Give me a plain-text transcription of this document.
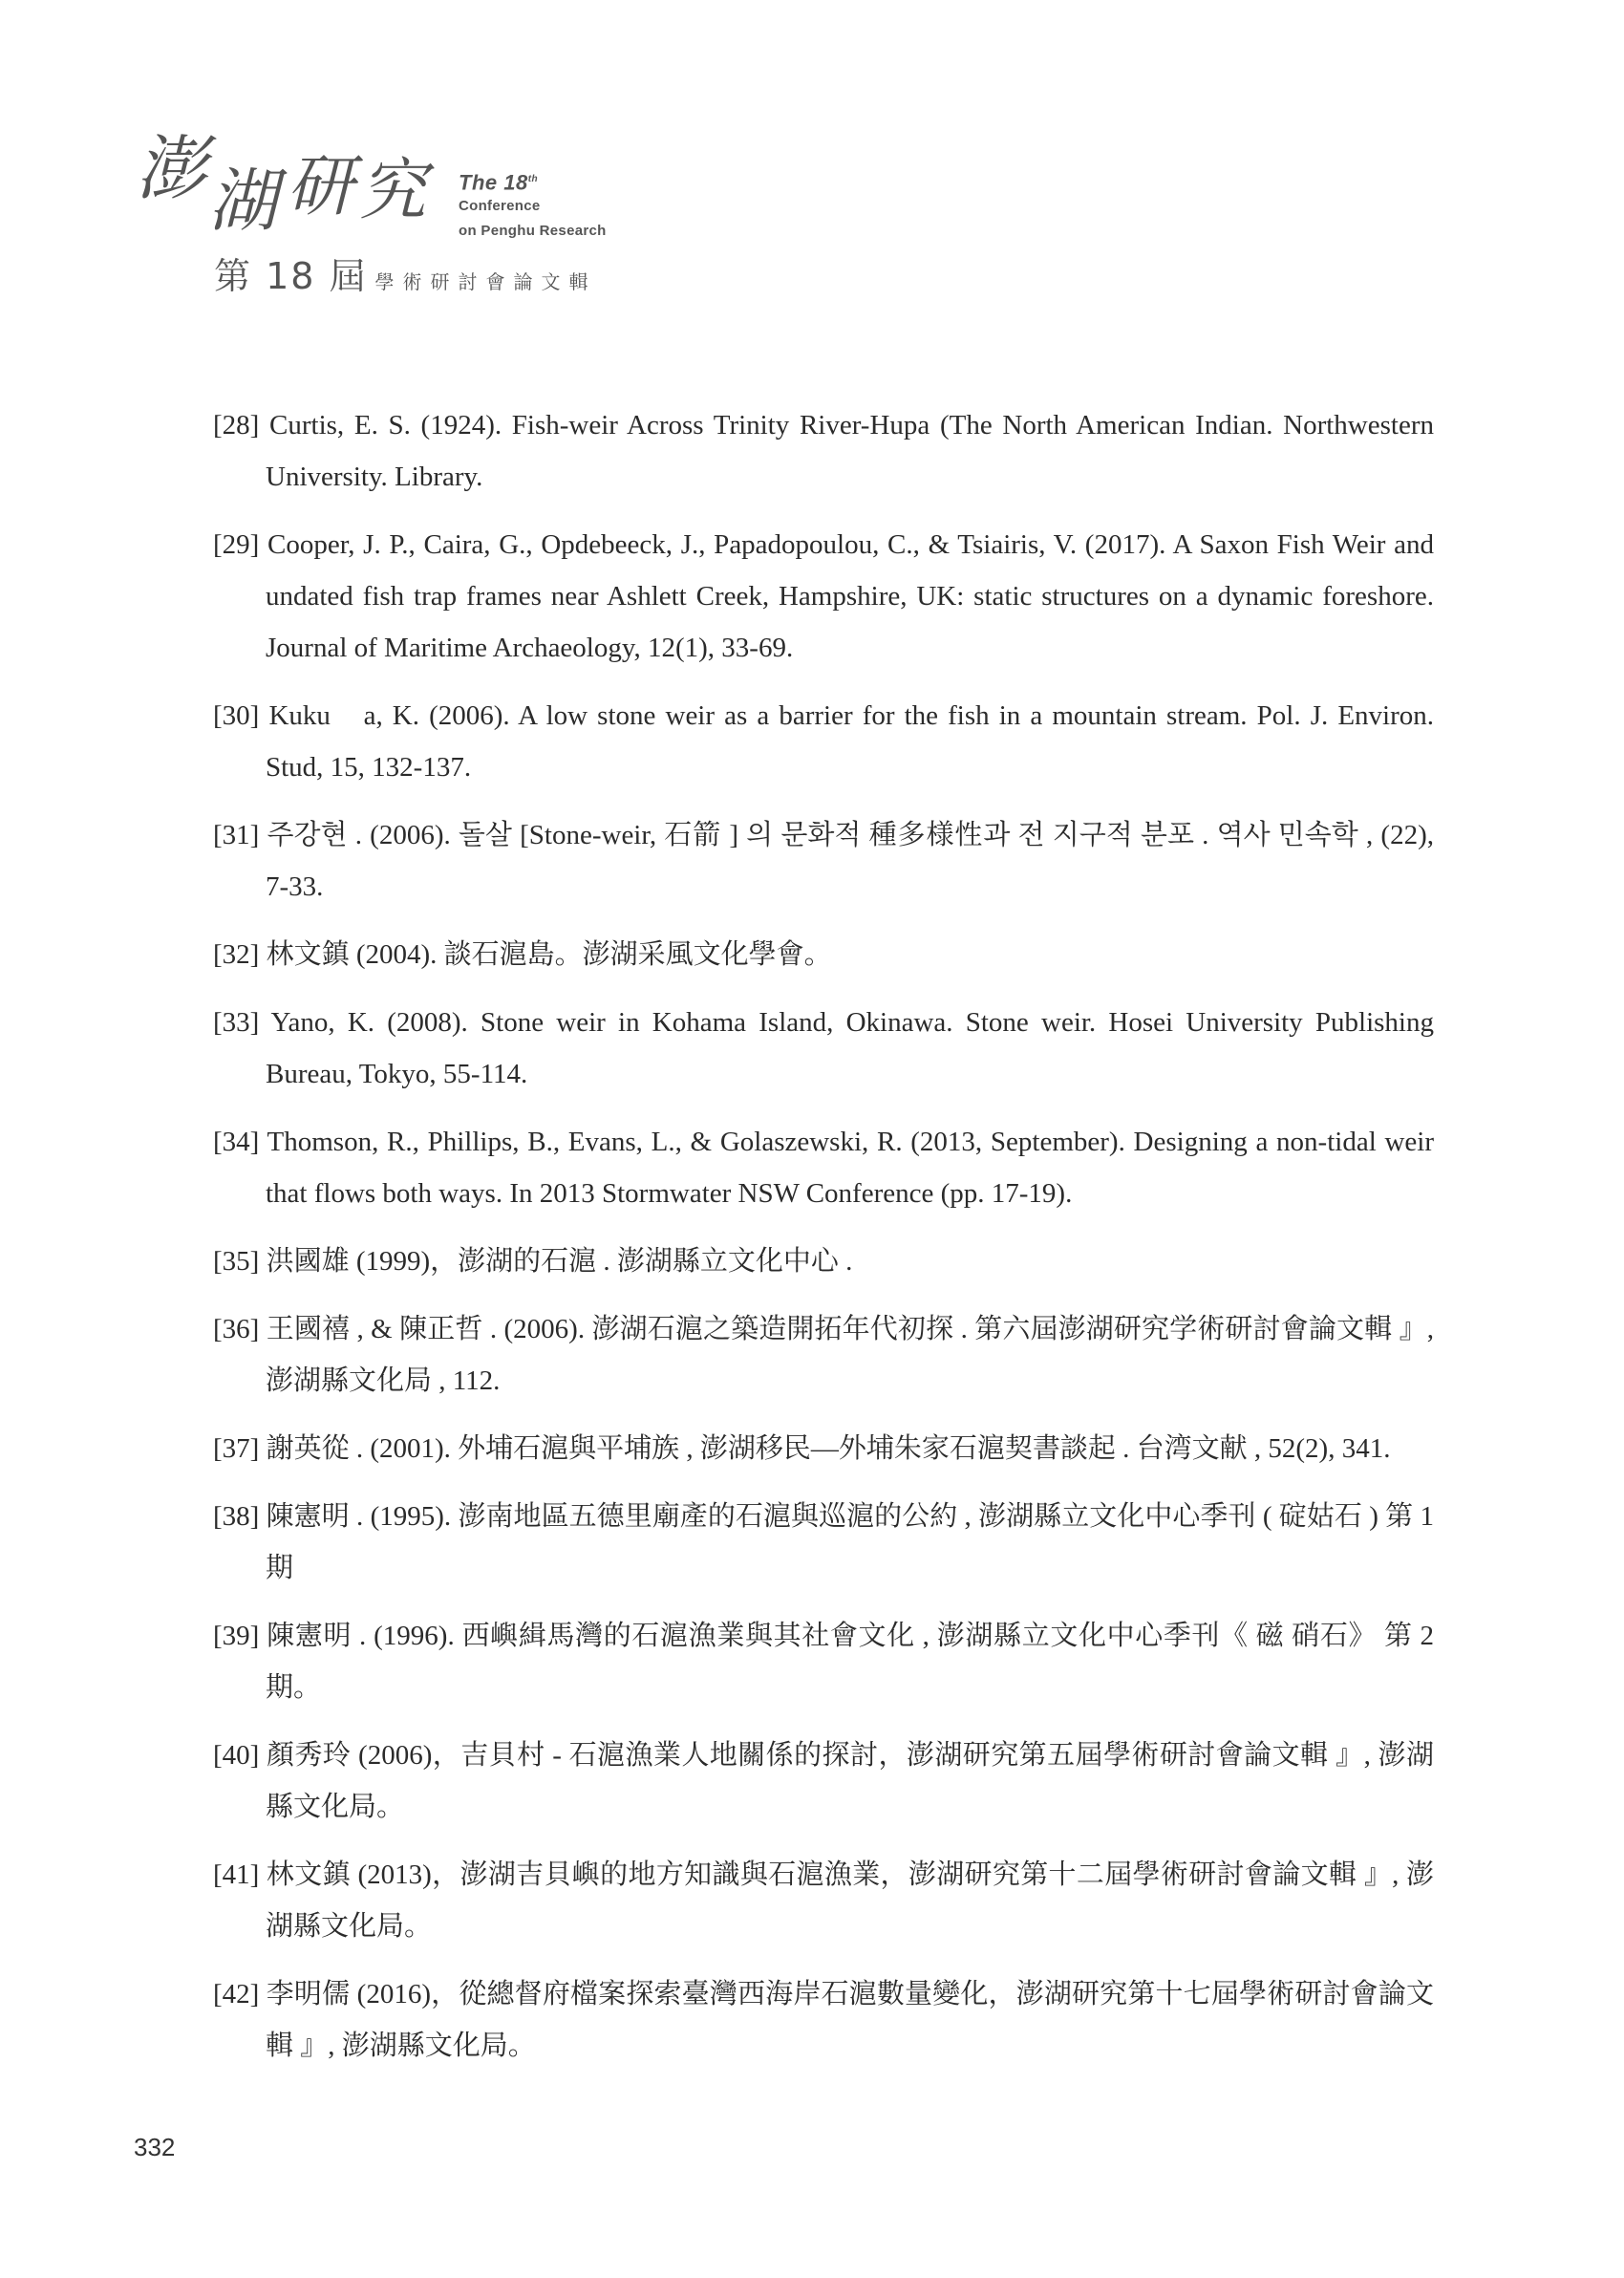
澎 湖 研 究 The 18th
Conference
on Penghu Research
第 18 屆 學術研討會論文輯
[28] Curtis, E. S. (1924). Fish-weir Across Trinity River-Hupa (The North American Indian. Northwestern University. Library.
[29] Cooper, J. P., Caira, G., Opdebeeck, J., Papadopoulou, C., & Tsiairis, V. (2017). A Saxon Fish Weir and undated fish trap frames near Ashlett Creek, Hampshire, UK: static structures on a dynamic foreshore. Journal of Maritime Archaeology, 12(1), 33-69.
[30] Kuku　a, K. (2006). A low stone weir as a barrier for the fish in a mountain stream. Pol. J. Environ. Stud, 15, 132-137.
[31] 주강현 . (2006). 돌살 [Stone-weir, 石箭 ] 의 문화적 種多様性과 전 지구적 분포 . 역사 민속학 , (22), 7-33.
[32] 林文鎮 (2004). 談石滬島。澎湖采風文化學會。
[33] Yano, K. (2008). Stone weir in Kohama Island, Okinawa. Stone weir. Hosei University Publishing Bureau, Tokyo, 55-114.
[34] Thomson, R., Phillips, B., Evans, L., & Golaszewski, R. (2013, September). Designing a non-tidal weir that flows both ways. In 2013 Stormwater NSW Conference (pp. 17-19).
[35] 洪國雄 (1999)，澎湖的石滬 . 澎湖縣立文化中心 .
[36] 王國禧 , & 陳正哲 . (2006). 澎湖石滬之築造開拓年代初探 . 第六屆澎湖研究学術研討會論文輯 』, 澎湖縣文化局 , 112.
[37] 謝英從 . (2001). 外埔石滬與平埔族 , 澎湖移民—外埔朱家石滬契書談起 . 台湾文献 , 52(2), 341.
[38] 陳憲明 . (1995). 澎南地區五德里廟產的石滬與巡滬的公約 , 澎湖縣立文化中心季刊 ( 碇姑石 ) 第 1 期
[39] 陳憲明 . (1996). 西嶼緝馬灣的石滬漁業與其社會文化 , 澎湖縣立文化中心季刊《 磁 硝石》 第 2 期。
[40] 顏秀玲 (2006)，吉貝村 - 石滬漁業人地關係的探討，澎湖研究第五屆學術研討會論文輯 』, 澎湖縣文化局。
[41] 林文鎮 (2013)，澎湖吉貝嶼的地方知識與石滬漁業，澎湖研究第十二屆學術研討會論文輯 』, 澎湖縣文化局。
[42] 李明儒 (2016)，從總督府檔案探索臺灣西海岸石滬數量變化，澎湖研究第十七屆學術研討會論文輯 』, 澎湖縣文化局。
332
